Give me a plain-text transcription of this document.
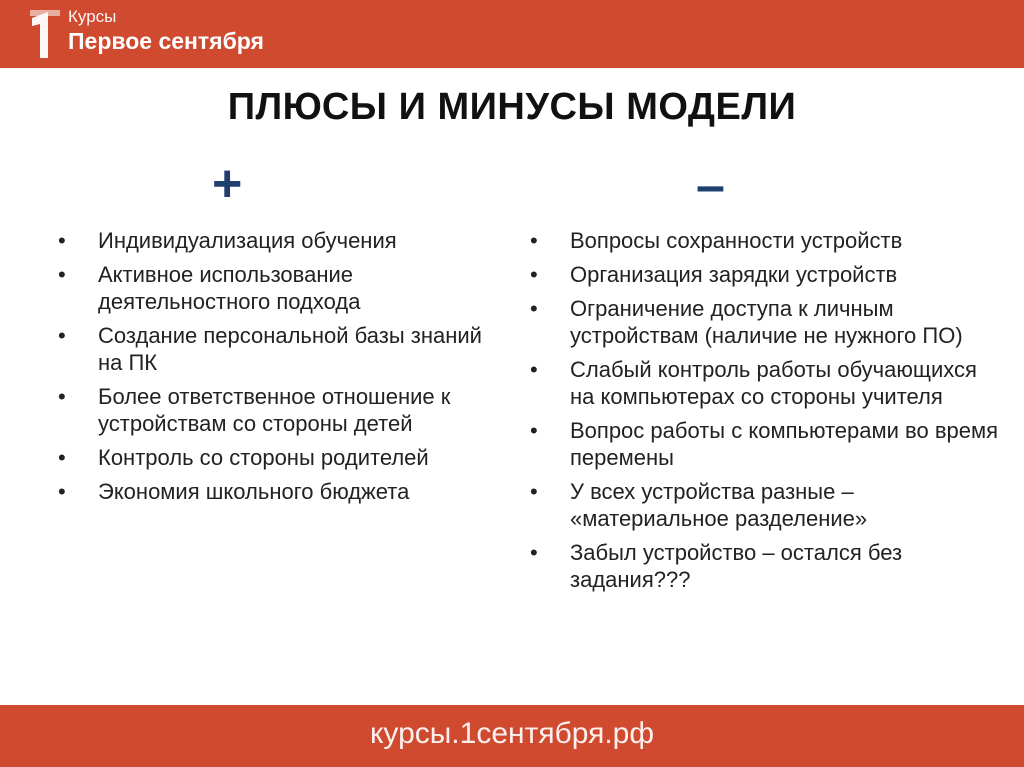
Курсы
Первое сентября
ПЛЮСЫ И МИНУСЫ МОДЕЛИ
+	–
• Индивидуализация обучения
• Активное использование деятельностного подхода
• Создание персональной базы знаний на ПК
• Более ответственное отношение к устройствам со стороны детей
• Контроль со стороны родителей
• Экономия школьного бюджета
• Вопросы сохранности устройств
• Организация зарядки устройств
• Ограничение доступа к личным устройствам (наличие не нужного ПО)
• Слабый контроль работы обучающихся на компьютерах со стороны учителя
• Вопрос работы с компьютерами во время перемены
• У всех устройства разные – «материальное разделение»
• Забыл устройство – остался без задания???
курсы.1сентября.рф
